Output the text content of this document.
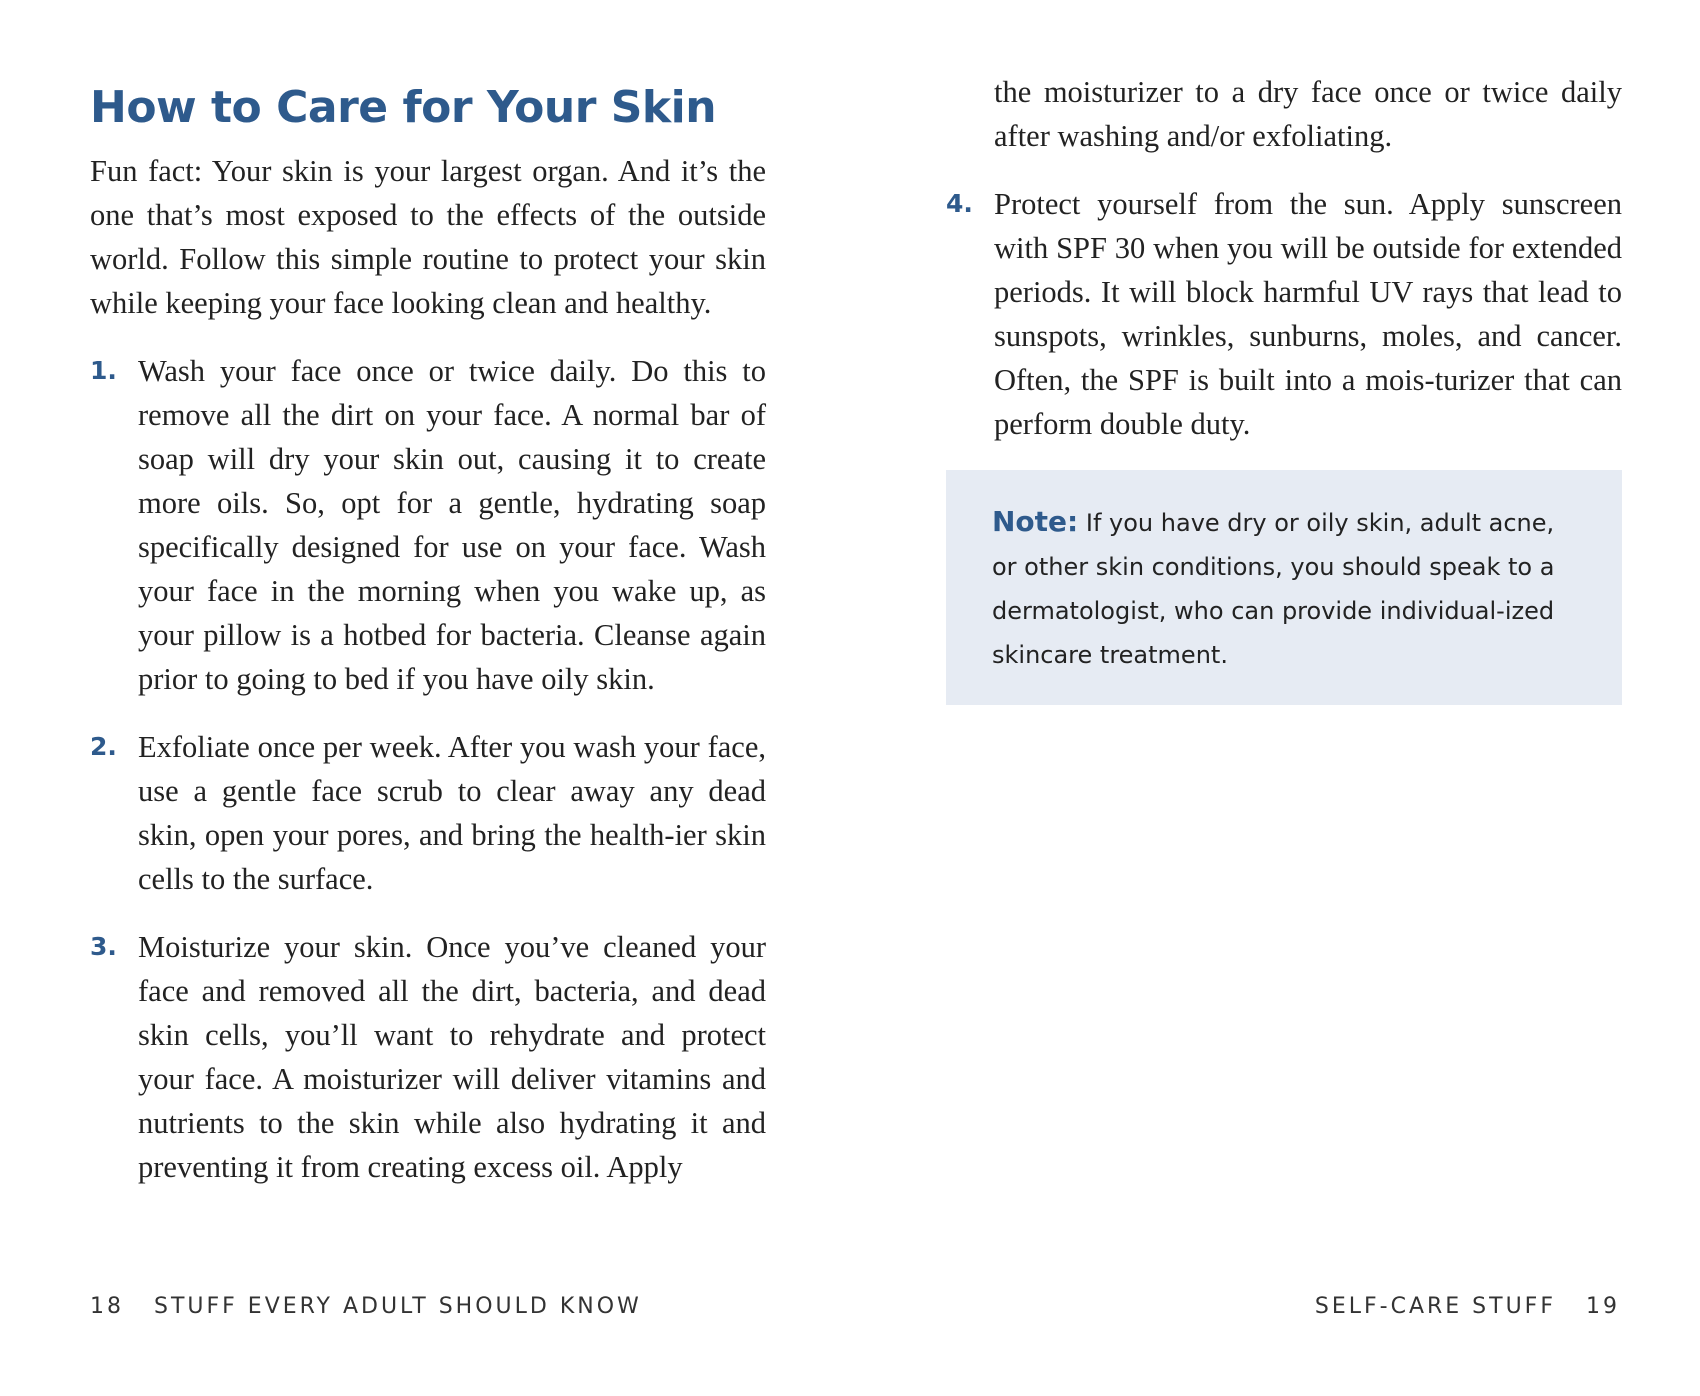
How to Care for Your Skin

Fun fact: Your skin is your largest organ. And it’s the one that’s most exposed to the effects of the outside world. Follow this simple routine to protect your skin while keeping your face looking clean and healthy.

1. Wash your face once or twice daily. Do this to remove all the dirt on your face. A normal bar of soap will dry your skin out, causing it to create more oils. So, opt for a gentle, hydrating soap specifically designed for use on your face. Wash your face in the morning when you wake up, as your pillow is a hotbed for bacteria. Cleanse again prior to going to bed if you have oily skin.

2. Exfoliate once per week. After you wash your face, use a gentle face scrub to clear away any dead skin, open your pores, and bring the health-ier skin cells to the surface.

3. Moisturize your skin. Once you’ve cleaned your face and removed all the dirt, bacteria, and dead skin cells, you’ll want to rehydrate and protect your face. A moisturizer will deliver vitamins and nutrients to the skin while also hydrating it and preventing it from creating excess oil. Apply

the moisturizer to a dry face once or twice daily after washing and/or exfoliating.

4. Protect yourself from the sun. Apply sunscreen with SPF 30 when you will be outside for extended periods. It will block harmful UV rays that lead to sunspots, wrinkles, sunburns, moles, and cancer. Often, the SPF is built into a mois-turizer that can perform double duty.

Note: If you have dry or oily skin, adult acne, or other skin conditions, you should speak to a dermatologist, who can provide individual-ized skincare treatment.

18 STUFF EVERY ADULT SHOULD KNOW	SELF-CARE STUFF 19
